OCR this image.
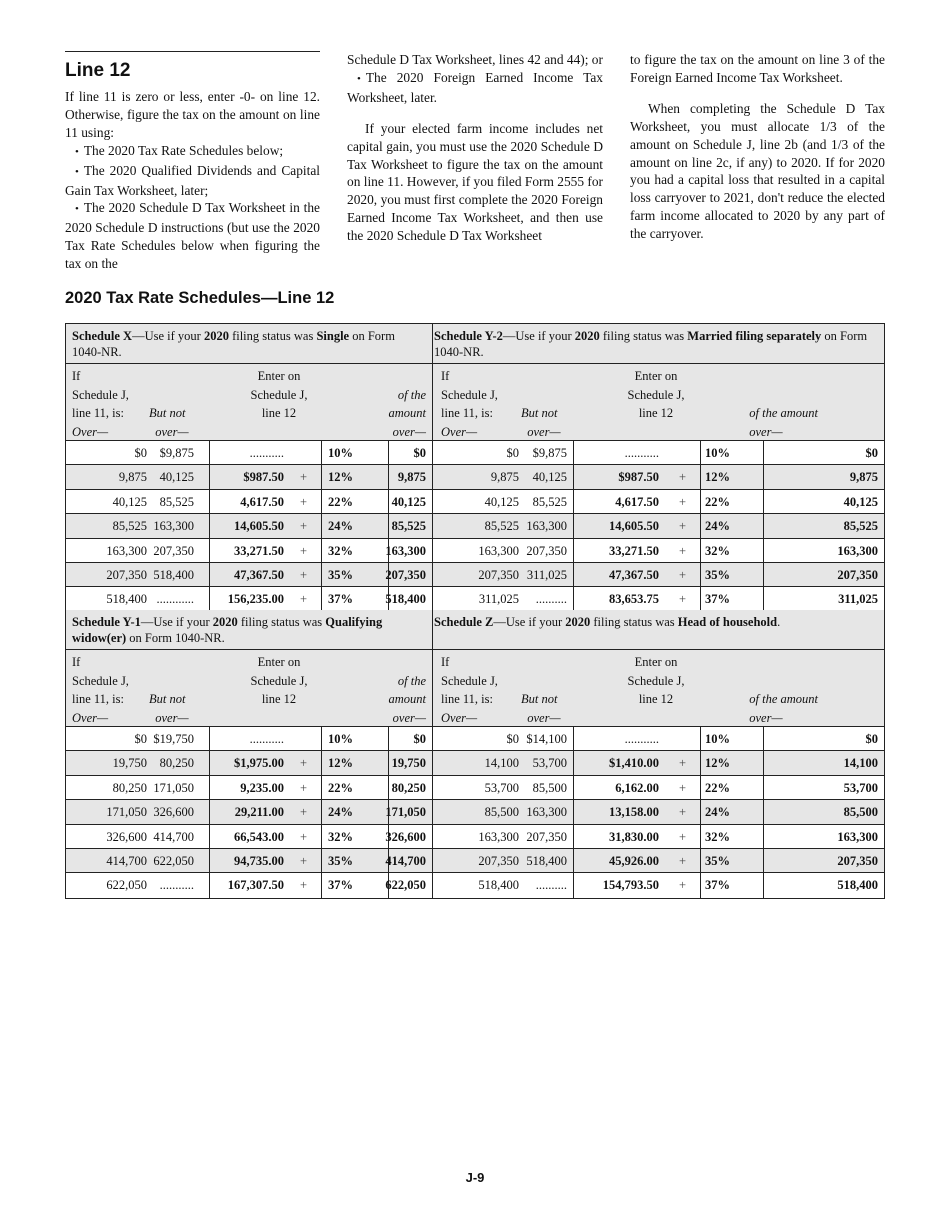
Line 12

If line 11 is zero or less, enter -0- on line 12. Otherwise, figure the tax on the amount on line 11 using:

• The 2020 Tax Rate Schedules below;

• The 2020 Qualified Dividends and Capital Gain Tax Worksheet, later;

• The 2020 Schedule D Tax Worksheet in the 2020 Schedule D instructions (but use the 2020 Tax Rate Schedules below when figuring the tax on the

Schedule D Tax Worksheet, lines 42 and 44); or

• The 2020 Foreign Earned Income Tax Worksheet, later.

If your elected farm income includes net capital gain, you must use the 2020 Schedule D Tax Worksheet to figure the tax on the amount on line 11. However, if you filed Form 2555 for 2020, you must first complete the 2020 Foreign Earned Income Tax Worksheet, and then use the 2020 Schedule D Tax Worksheet

to figure the tax on the amount on line 3 of the Foreign Earned Income Tax Worksheet.

When completing the Schedule D Tax Worksheet, you must allocate 1/3 of the amount on Schedule J, line 2b (and 1/3 of the amount on line 2c, if any) to 2020. If for 2020 you had a capital loss that resulted in a capital loss carryover to 2021, don't reduce the elected farm income allocated to 2020 by any part of the carryover.

2020 Tax Rate Schedules—Line 12
Schedule X—Use if your 2020 filing status was Single on Form 1040-NR.
If
Schedule J,
line 11, is:
Over—
But not
over—
Enter on
Schedule J,
line 12
of the
amount
over—
$0	$9,875	...........	10%	$0
9,875	40,125	$987.50 + 12%	9,875
40,125	85,525	4,617.50 + 22%	40,125
85,525 163,300	14,605.50 + 24%	85,525
163,300 207,350	33,271.50 + 32%	163,300
207,350 518,400	47,367.50 + 35%	207,350
518,400 ............	156,235.00 + 37%	518,400
Schedule Y-2—Use if your 2020 filing status was Married filing separately on Form 1040-NR.
If
Schedule J,
line 11, is:
Over—
But not
over—
Enter on
Schedule J,
line 12	of the amount
over—
$0	$9,875	...........	10%	$0
9,875	40,125	$987.50 + 12%	9,875
40,125	85,525	4,617.50 + 22%	40,125
85,525 163,300	14,605.50 + 24%	85,525
163,300 207,350	33,271.50 + 32%	163,300
207,350 311,025	47,367.50 + 35%	207,350
311,025	..........	83,653.75 + 37%	311,025
Schedule Y-1—Use if your 2020 filing status was Qualifying widow(er) on Form 1040-NR.
If
Schedule J,
line 11, is:
Over—
But not
over—
Enter on
Schedule J,
line 12
of the
amount
over—
$0 $19,750	...........	10%	$0
19,750	80,250	$1,975.00 + 12%	19,750
80,250 171,050	9,235.00 + 22%	80,250
171,050 326,600	29,211.00 + 24%	171,050
326,600 414,700	66,543.00 + 32%	326,600
414,700 622,050	94,735.00 + 35%	414,700
622,050	...........	167,307.50 + 37%	622,050
Schedule Z—Use if your 2020 filing status was Head of household.
If
Schedule J,
line 11, is:
Over—
But not
over—
Enter on
Schedule J,
line 12	of the amount
over—
$0 $14,100	...........	10%	$0
14,100	53,700	$1,410.00 + 12%	14,100
53,700	85,500	6,162.00 + 22%	53,700
85,500 163,300	13,158.00 + 24%	85,500
163,300 207,350	31,830.00 + 32%	163,300
207,350 518,400	45,926.00 + 35%	207,350
518,400	..........	154,793.50 + 37%	518,400
J-9
